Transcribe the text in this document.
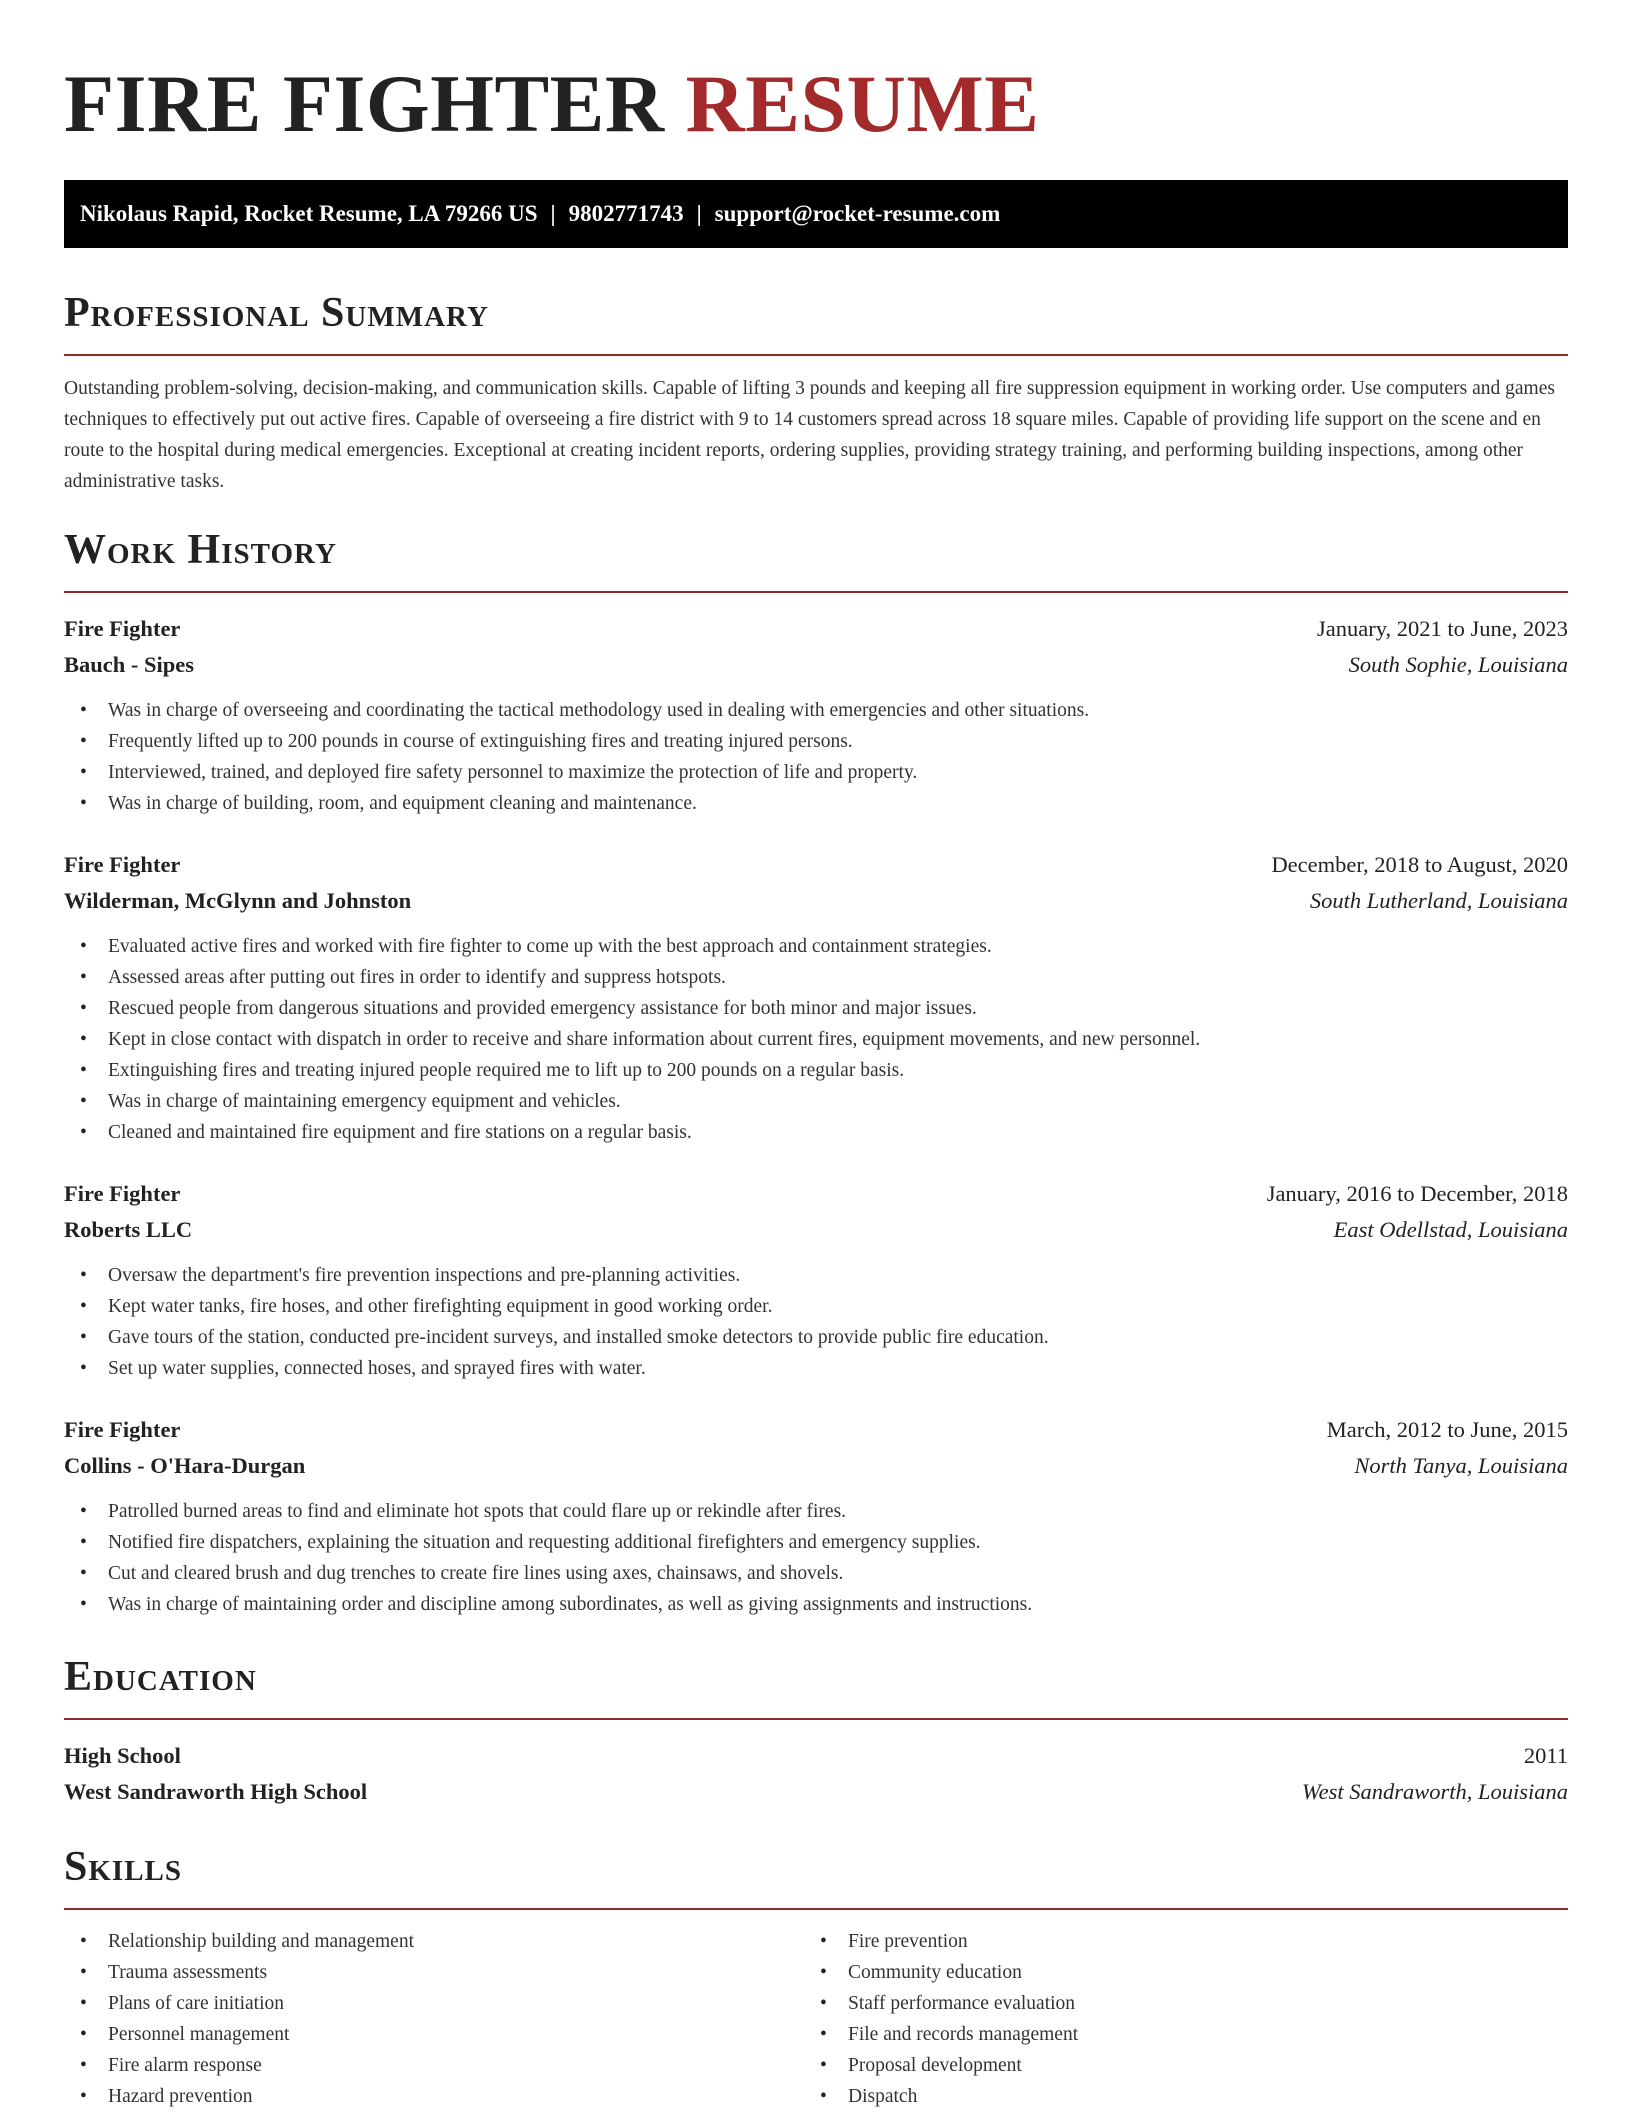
FIRE FIGHTER RESUME
Nikolaus Rapid, Rocket Resume, LA 79266 US | 9802771743 | support@rocket-resume.com
Professional Summary

Outstanding problem-solving, decision-making, and communication skills. Capable of lifting 3 pounds and keeping all fire suppression equipment in working order. Use computers and games techniques to effectively put out active fires. Capable of overseeing a fire district with 9 to 14 customers spread across 18 square miles. Capable of providing life support on the scene and en route to the hospital during medical emergencies. Exceptional at creating incident reports, ordering supplies, providing strategy training, and performing building inspections, among other administrative tasks.

Work History
Fire Fighter	January, 2021 to June, 2023
Bauch - Sipes	South Sophie, Louisiana
• Was in charge of overseeing and coordinating the tactical methodology used in dealing with emergencies and other situations.
• Frequently lifted up to 200 pounds in course of extinguishing fires and treating injured persons.
• Interviewed, trained, and deployed fire safety personnel to maximize the protection of life and property.
• Was in charge of building, room, and equipment cleaning and maintenance.
Fire Fighter	December, 2018 to August, 2020
Wilderman, McGlynn and Johnston	South Lutherland, Louisiana
• Evaluated active fires and worked with fire fighter to come up with the best approach and containment strategies.
• Assessed areas after putting out fires in order to identify and suppress hotspots.
• Rescued people from dangerous situations and provided emergency assistance for both minor and major issues.
• Kept in close contact with dispatch in order to receive and share information about current fires, equipment movements, and new personnel.
• Extinguishing fires and treating injured people required me to lift up to 200 pounds on a regular basis.
• Was in charge of maintaining emergency equipment and vehicles.
• Cleaned and maintained fire equipment and fire stations on a regular basis.
Fire Fighter	January, 2016 to December, 2018
Roberts LLC	East Odellstad, Louisiana
• Oversaw the department's fire prevention inspections and pre-planning activities.
• Kept water tanks, fire hoses, and other firefighting equipment in good working order.
• Gave tours of the station, conducted pre-incident surveys, and installed smoke detectors to provide public fire education.
• Set up water supplies, connected hoses, and sprayed fires with water.
Fire Fighter	March, 2012 to June, 2015
Collins - O'Hara-Durgan	North Tanya, Louisiana
• Patrolled burned areas to find and eliminate hot spots that could flare up or rekindle after fires.
• Notified fire dispatchers, explaining the situation and requesting additional firefighters and emergency supplies.
• Cut and cleared brush and dug trenches to create fire lines using axes, chainsaws, and shovels.
• Was in charge of maintaining order and discipline among subordinates, as well as giving assignments and instructions.
Education
High School	2011
West Sandraworth High School	West Sandraworth, Louisiana
Skills
• Relationship building and management
• Trauma assessments
• Plans of care initiation
• Personnel management
• Fire alarm response
• Hazard prevention
• Fire prevention
• Community education
• Staff performance evaluation
• File and records management
• Proposal development
• Dispatch
